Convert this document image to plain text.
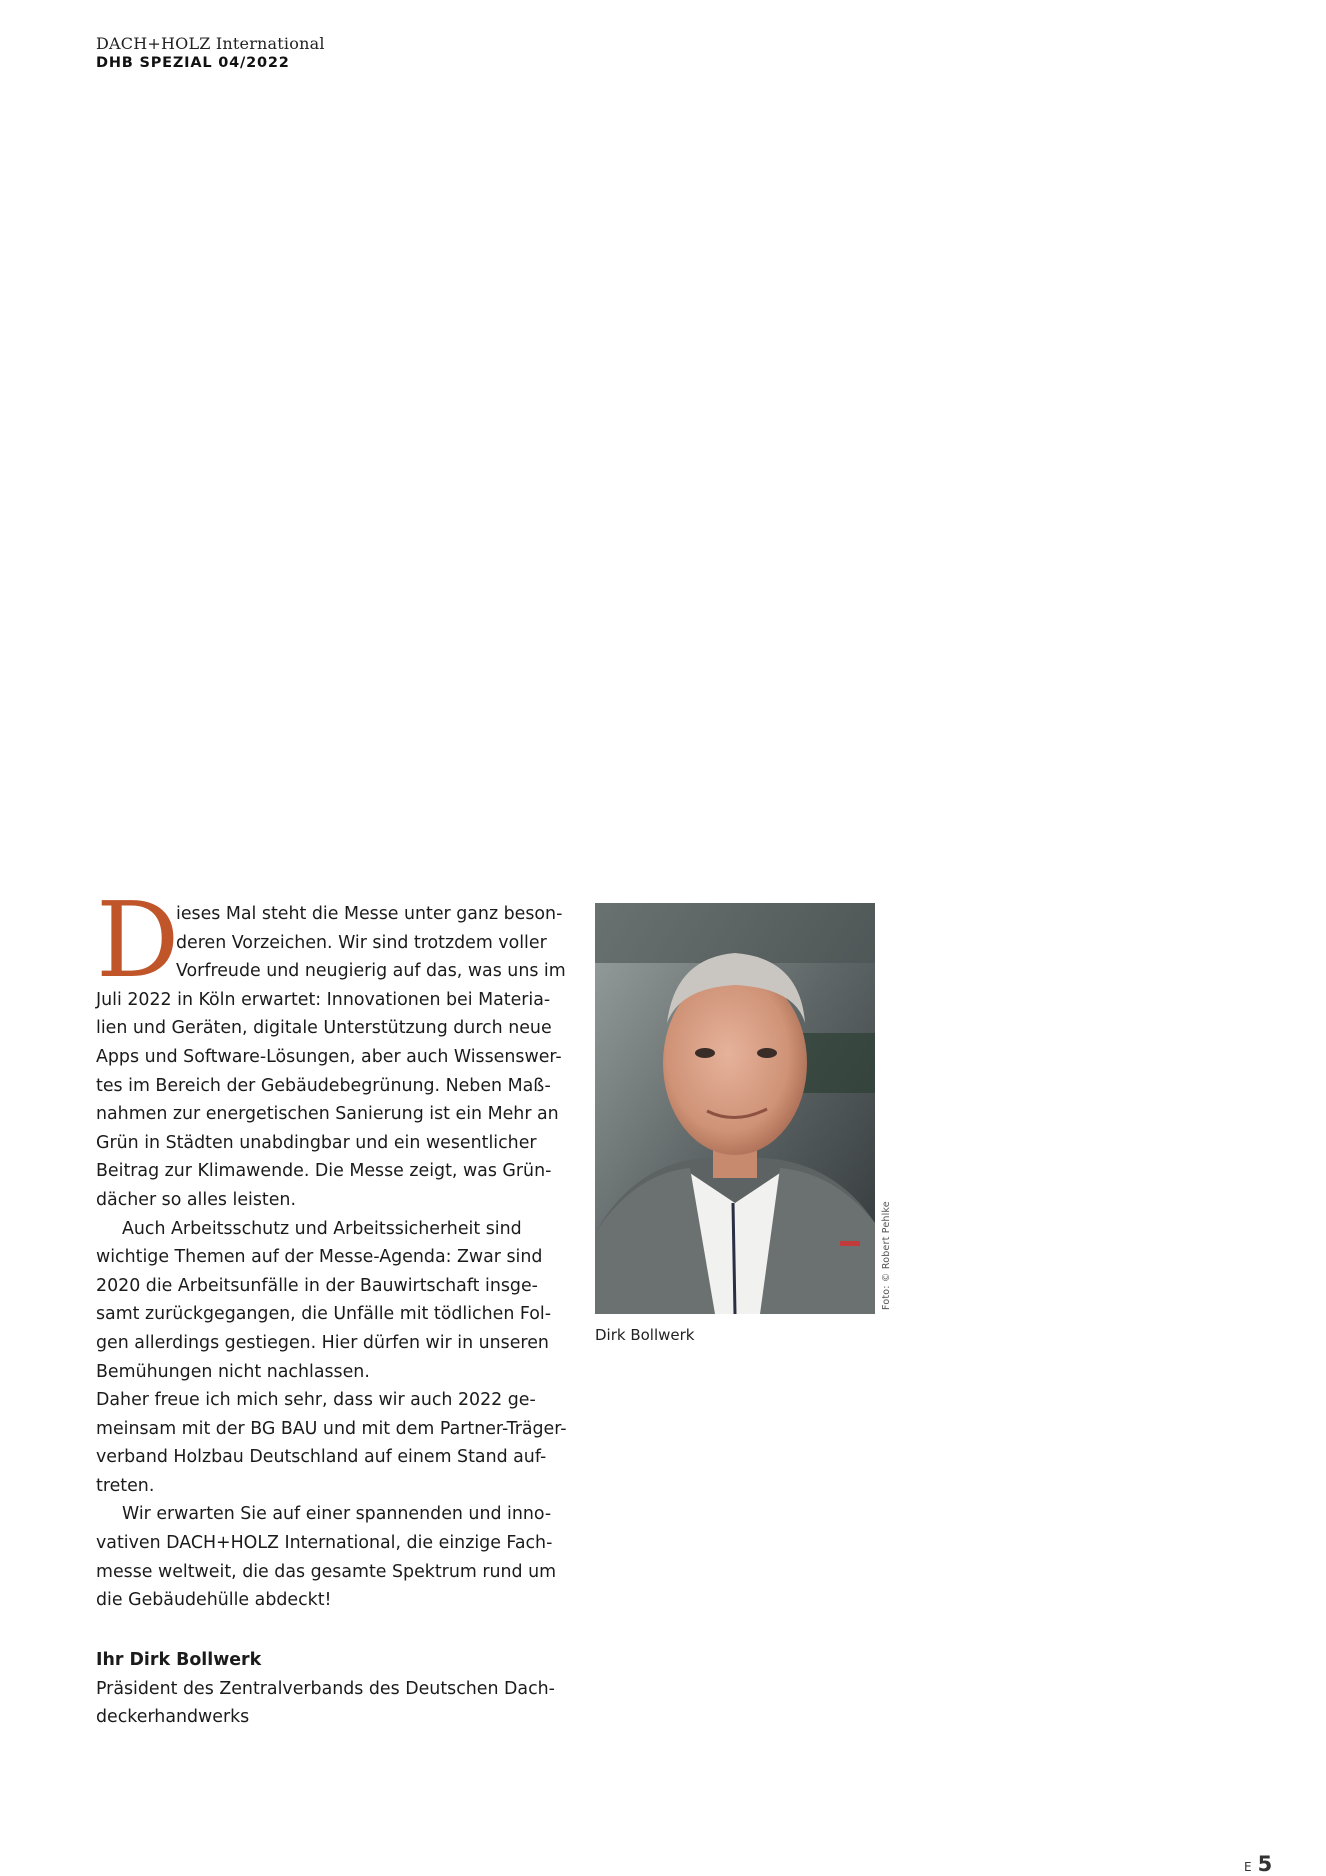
DACH+HOLZ International
DHB SPEZIAL 04/2022
D
ieses Mal steht die Messe unter ganz beson-
deren Vorzeichen. Wir sind trotzdem voller
Vorfreude und neugierig auf das, was uns im
Juli 2022 in Köln erwartet: Innovationen bei Materia-
lien und Geräten, digitale Unterstützung durch neue
Apps und Software-Lösungen, aber auch Wissenswer-
tes im Bereich der Gebäudebegrünung. Neben Maß-
nahmen zur energetischen Sanierung ist ein Mehr an
Grün in Städten unabdingbar und ein wesentlicher
Beitrag zur Klimawende. Die Messe zeigt, was Grün-
dächer so alles leisten.
Auch Arbeitsschutz und Arbeitssicherheit sind
wichtige Themen auf der Messe-Agenda: Zwar sind
2020 die Arbeitsunfälle in der Bauwirtschaft insge-
samt zurückgegangen, die Unfälle mit tödlichen Fol-
gen allerdings gestiegen. Hier dürfen wir in unseren
Bemühungen nicht nachlassen.
Daher freue ich mich sehr, dass wir auch 2022 ge-
meinsam mit der BG BAU und mit dem Partner-Träger-
verband Holzbau Deutschland auf einem Stand auf-
treten.
Wir erwarten Sie auf einer spannenden und inno-
vativen DACH+HOLZ International, die einzige Fach-
messe weltweit, die das gesamte Spektrum rund um
die Gebäudehülle abdeckt!
Ihr Dirk Bollwerk
Präsident des Zentralverbands des Deutschen Dach-
deckerhandwerks
Foto: © Robert Pehlke
Dirk Bollwerk
E 5
